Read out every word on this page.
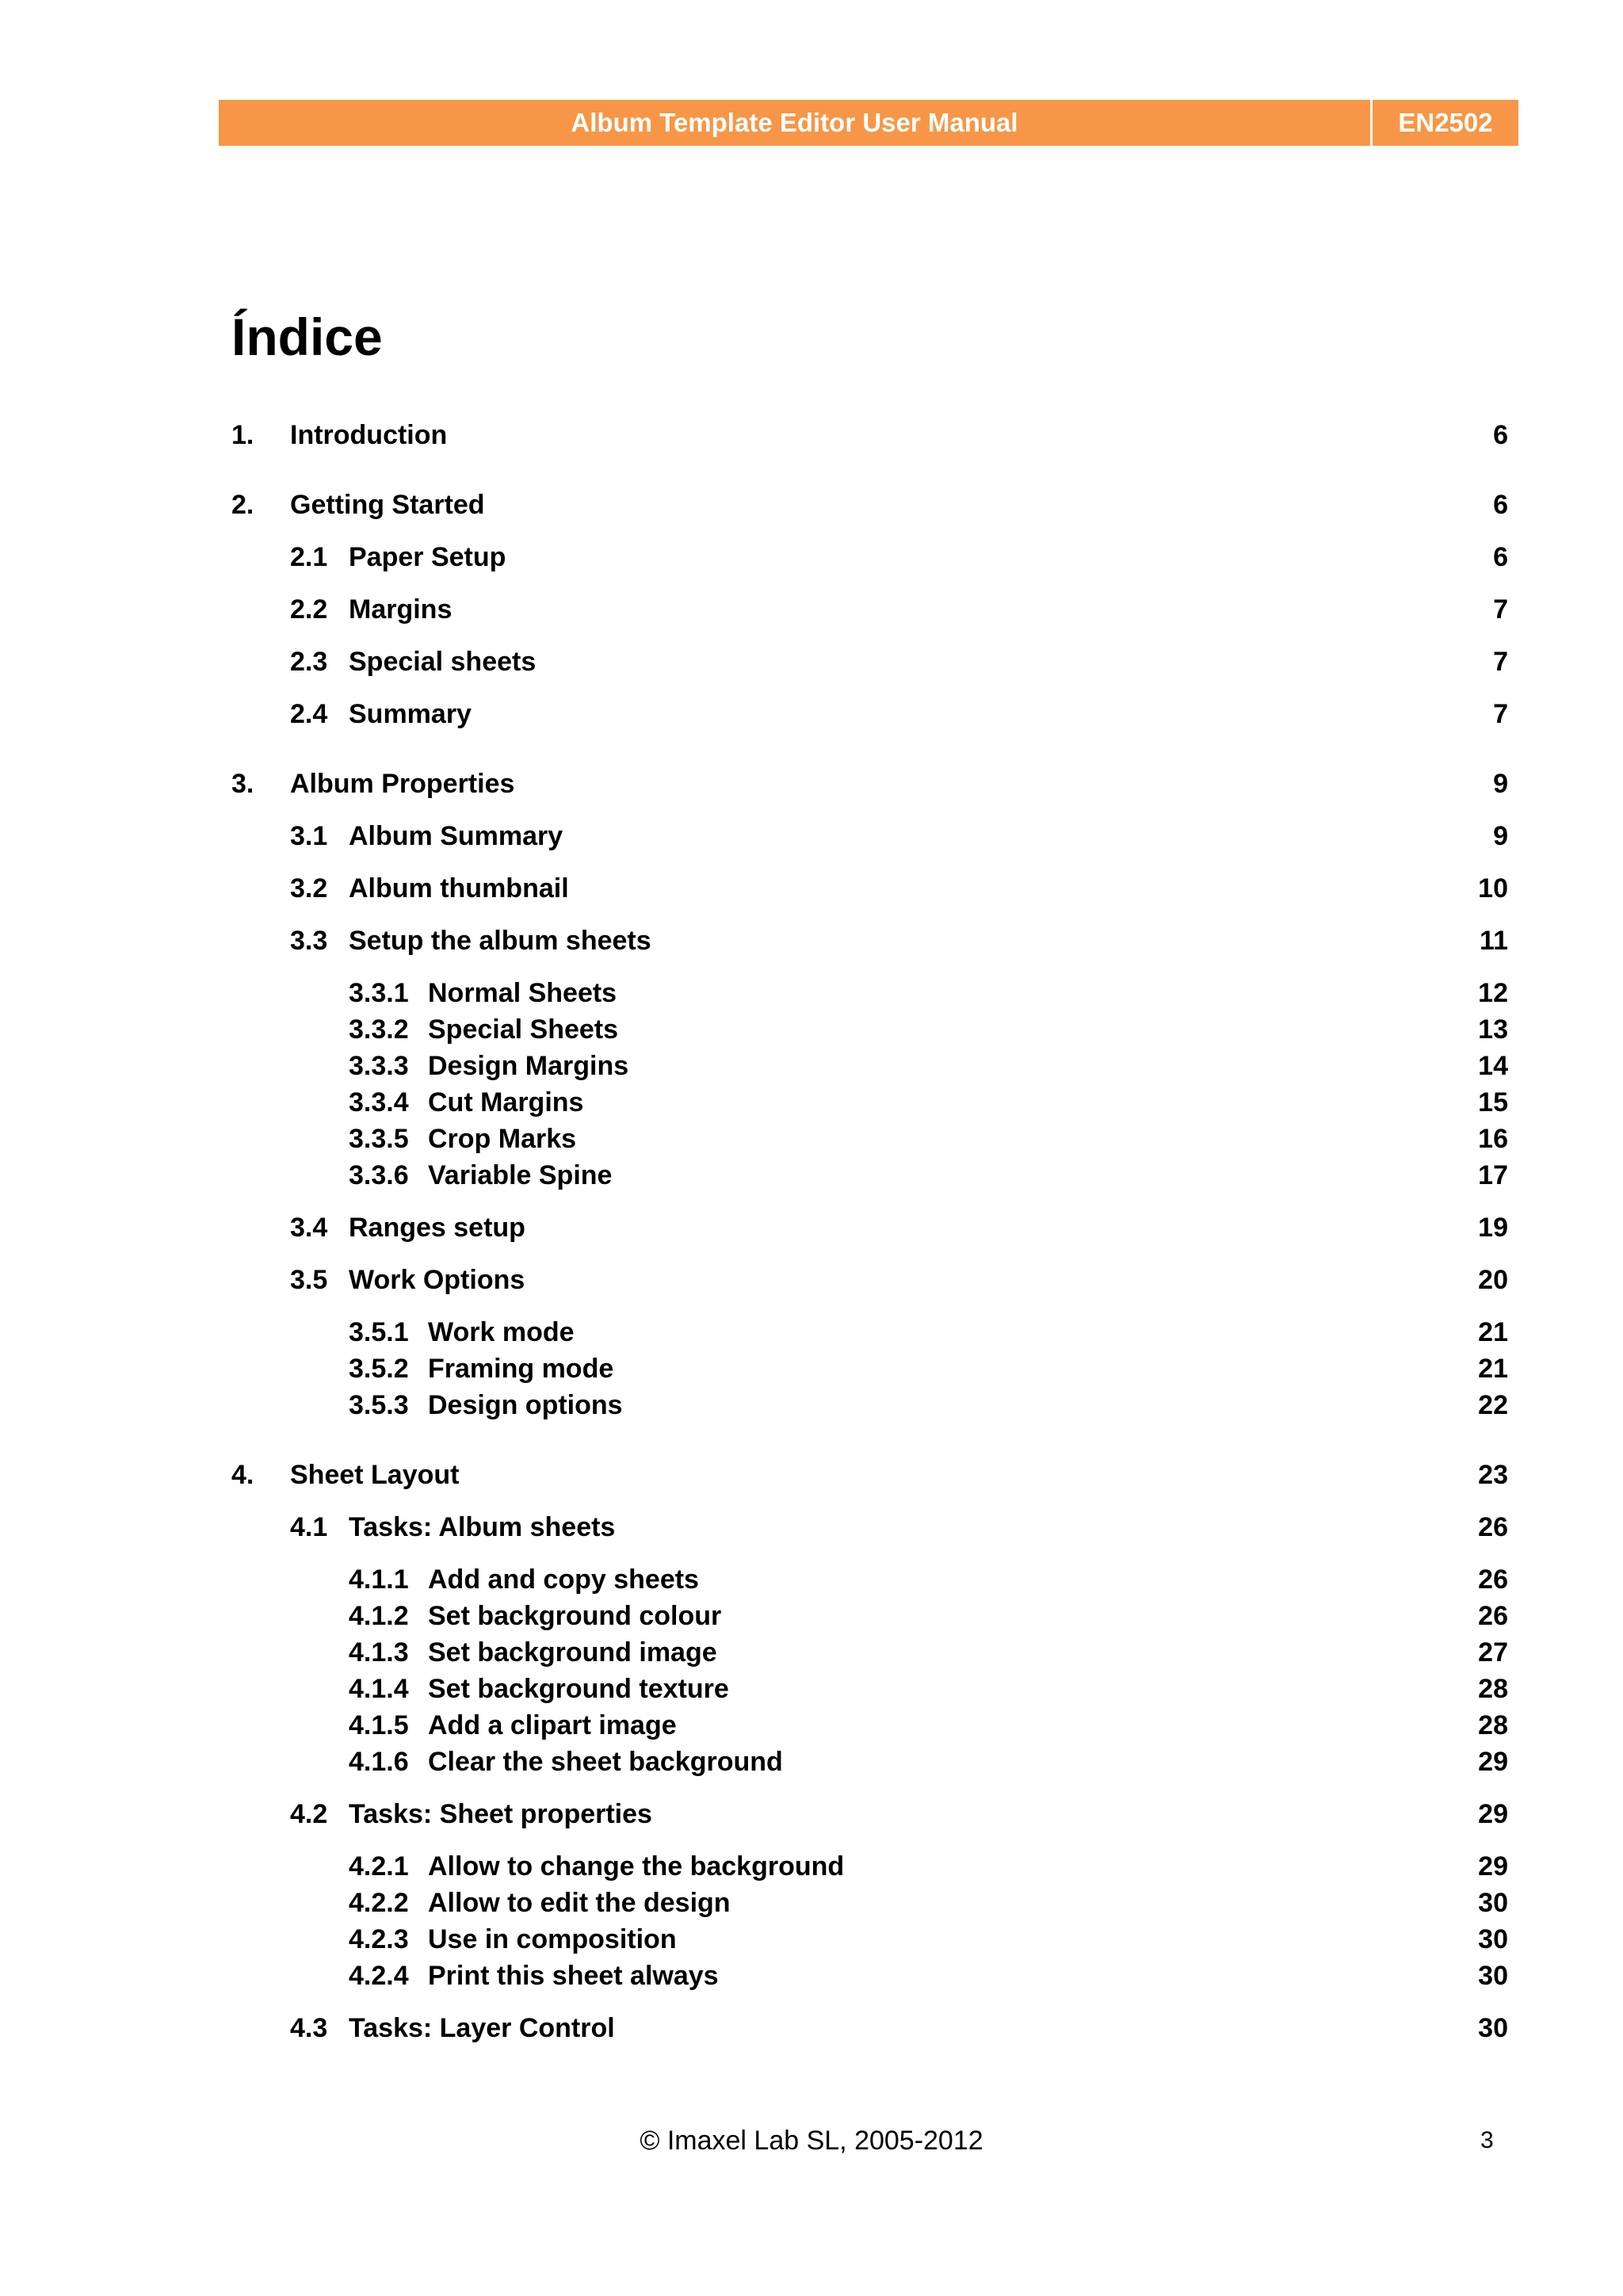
Album Template Editor User Manual	EN2502
Índice
1. Introduction	6
2. Getting Started	6
2.1 Paper Setup	6
2.2 Margins	7
2.3 Special sheets	7
2.4 Summary	7
3. Album Properties	9
3.1 Album Summary	9
3.2 Album thumbnail	10
3.3 Setup the album sheets	11
3.3.1 Normal Sheets	12
3.3.2 Special Sheets	13
3.3.3 Design Margins	14
3.3.4 Cut Margins	15
3.3.5 Crop Marks	16
3.3.6 Variable Spine	17
3.4 Ranges setup	19
3.5 Work Options	20
3.5.1 Work mode	21
3.5.2 Framing mode	21
3.5.3 Design options	22
4. Sheet Layout	23
4.1 Tasks: Album sheets	26
4.1.1 Add and copy sheets	26
4.1.2 Set background colour	26
4.1.3 Set background image	27
4.1.4 Set background texture	28
4.1.5 Add a clipart image	28
4.1.6 Clear the sheet background	29
4.2 Tasks: Sheet properties	29
4.2.1 Allow to change the background	29
4.2.2 Allow to edit the design	30
4.2.3 Use in composition	30
4.2.4 Print this sheet always	30
4.3 Tasks: Layer Control	30
© Imaxel Lab SL, 2005-2012	3
